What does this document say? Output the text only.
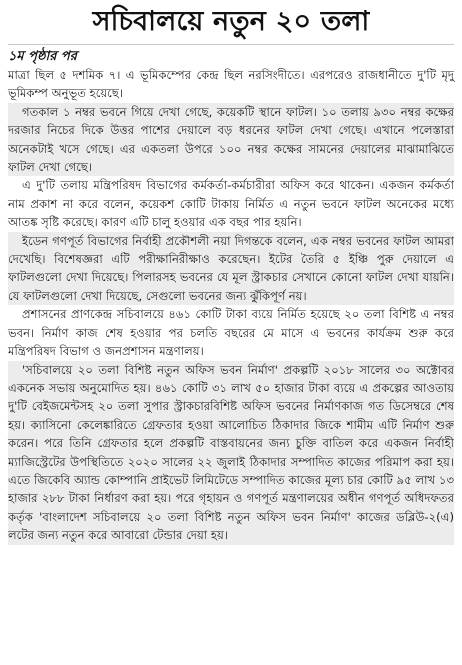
সচিবালয়ে নতুন ২০ তলা
১ম পৃষ্ঠার পর

মাত্রা ছিল ৫ দশমিক ৭। এ ভূমিকম্পের কেন্দ্র ছিল নরসিংদীতে। এরপরেও রাজধানীতে দু'টি মৃদু ভূমিকম্প অনুভূত হয়েছে।

গতকাল ১ নম্বর ভবনে গিয়ে দেখা গেছে, কয়েকটি স্থানে ফাটল। ১০ তলায় ৯৩০ নম্বর কক্ষের দরজার নিচের দিকে উত্তর পাশের দেয়ালে বড় ধরনের ফাটল দেখা গেছে। এখানে পলেস্তারা অনেকটাই খসে গেছে। এর একতলা উপরে ১০০ নম্বর কক্ষের সামনের দেয়ালের মাঝামাঝিতে ফাটল দেখা গেছে।

এ দু'টি তলায় মন্ত্রিপরিষদ বিভাগের কর্মকর্তা-কর্মচারীরা অফিস করে থাকেন। একজন কর্মকর্তা নাম প্রকাশ না করে বলেন, কয়েকশ কোটি টাকায় নির্মিত এ নতুন ভবনে ফাটল অনেকের মধ্যে আতঙ্ক সৃষ্টি করেছে। কারণ এটি চালু হওয়ার এক বছর পার হয়নি।

ইডেন গণপূর্ত বিভাগের নির্বাহী প্রকৌশলী নয়া দিগন্তকে বলেন, এক নম্বর ভবনের ফাটল আমরা দেখেছি। বিশেষজ্ঞরা এটি পরীক্ষানিরীক্ষাও করেছেন। ইটের তৈরি ৫ ইঞ্চি পুরু দেয়ালে এ ফাটলগুলো দেখা দিয়েছে। পিলারসহ ভবনের যে মূল স্ট্রাকচার সেখানে কোনো ফাটল দেখা যায়নি। যে ফাটলগুলো দেখা দিয়েছে, সেগুলো ভবনের জন্য ঝুঁকিপূর্ণ নয়।

প্রশাসনের প্রাণকেন্দ্র সচিবালয়ে ৪৬১ কোটি টাকা ব্যয়ে নির্মিত হয়েছে ২০ তলা বিশিষ্ট এ নম্বর ভবন। নির্মাণ কাজ শেষ হওয়ার পর চলতি বছরের মে মাসে এ ভবনের কার্যক্রম শুরু করে মন্ত্রিপরিষদ বিভাগ ও জনপ্রশাসন মন্ত্রণালয়।

'সচিবালয়ে ২০ তলা বিশিষ্ট নতুন অফিস ভবন নির্মাণ' প্রকল্পটি ২০১৮ সালের ৩০ অক্টোবর একনেক সভায় অনুমোদিত হয়। ৪৬১ কোটি ৩১ লাখ ৫০ হাজার টাকা ব্যয়ে এ প্রকল্পের আওতায় দু'টি বেইজমেন্টসহ ২০ তলা সুপার স্ট্রাকচারবিশিষ্ট অফিস ভবনের নির্মাণকাজ গত ডিসেম্বরে শেষ হয়। ক্যাসিনো কেলেঙ্কারিতে গ্রেফতার হওয়া আলোচিত ঠিকাদার জিকে শামীম এটি নির্মাণ শুরু করেন। পরে তিনি গ্রেফতার হলে প্রকল্পটি বাস্তবায়নের জন্য চুক্তি বাতিল করে একজন নির্বাহী ম্যাজিস্ট্রেটের উপস্থিতিতে ২০২০ সালের ২২ জুলাই ঠিকাদার সম্পাদিত কাজের পরিমাপ করা হয়। এতে জিকেবি অ্যান্ড কোম্পানি প্রাইভেট লিমিটেডে সম্পাদিত কাজের মূল্য চার কোটি ৯৫ লাখ ১৩ হাজার ২৮৮ টাকা নির্ধারণ করা হয়। পরে গৃহায়ন ও গণপূর্ত মন্ত্রণালয়ের অধীন গণপূর্ত অধিদফতর কর্তৃক 'বাংলাদেশ সচিবালয়ে ২০ তলা বিশিষ্ট নতুন অফিস ভবন নির্মাণ' কাজের ডব্লিউ-২(এ) লটের জন্য নতুন করে আবারো টেন্ডার দেয়া হয়।
